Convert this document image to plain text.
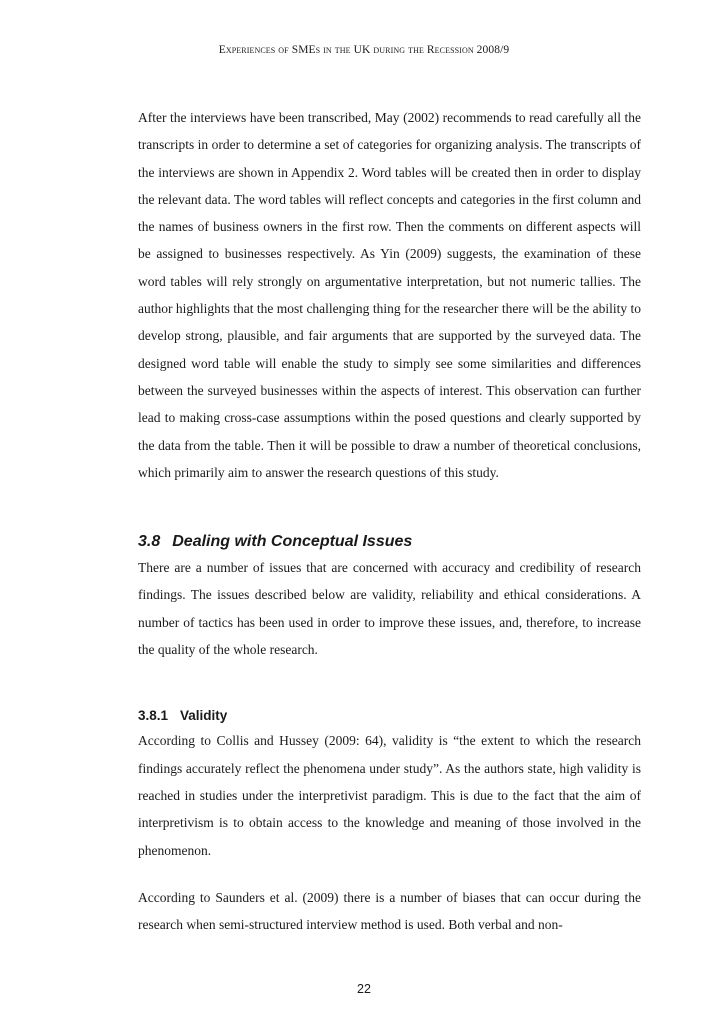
Experiences of SMEs in the UK during the Recession 2008/9

After the interviews have been transcribed, May (2002) recommends to read carefully all the transcripts in order to determine a set of categories for organizing analysis. The transcripts of the interviews are shown in Appendix 2. Word tables will be created then in order to display the relevant data. The word tables will reflect concepts and categories in the first column and the names of business owners in the first row. Then the comments on different aspects will be assigned to businesses respectively. As Yin (2009) suggests, the examination of these word tables will rely strongly on argumentative interpretation, but not numeric tallies. The author highlights that the most challenging thing for the researcher there will be the ability to develop strong, plausible, and fair arguments that are supported by the surveyed data. The designed word table will enable the study to simply see some similarities and differences between the surveyed businesses within the aspects of interest. This observation can further lead to making cross-case assumptions within the posed questions and clearly supported by the data from the table. Then it will be possible to draw a number of theoretical conclusions, which primarily aim to answer the research questions of this study.

3.8 Dealing with Conceptual Issues

There are a number of issues that are concerned with accuracy and credibility of research findings. The issues described below are validity, reliability and ethical considerations. A number of tactics has been used in order to improve these issues, and, therefore, to increase the quality of the whole research.

3.8.1 Validity

According to Collis and Hussey (2009: 64), validity is “the extent to which the research findings accurately reflect the phenomena under study”. As the authors state, high validity is reached in studies under the interpretivist paradigm. This is due to the fact that the aim of interpretivism is to obtain access to the knowledge and meaning of those involved in the phenomenon.

According to Saunders et al. (2009) there is a number of biases that can occur during the research when semi-structured interview method is used. Both verbal and non-

22
